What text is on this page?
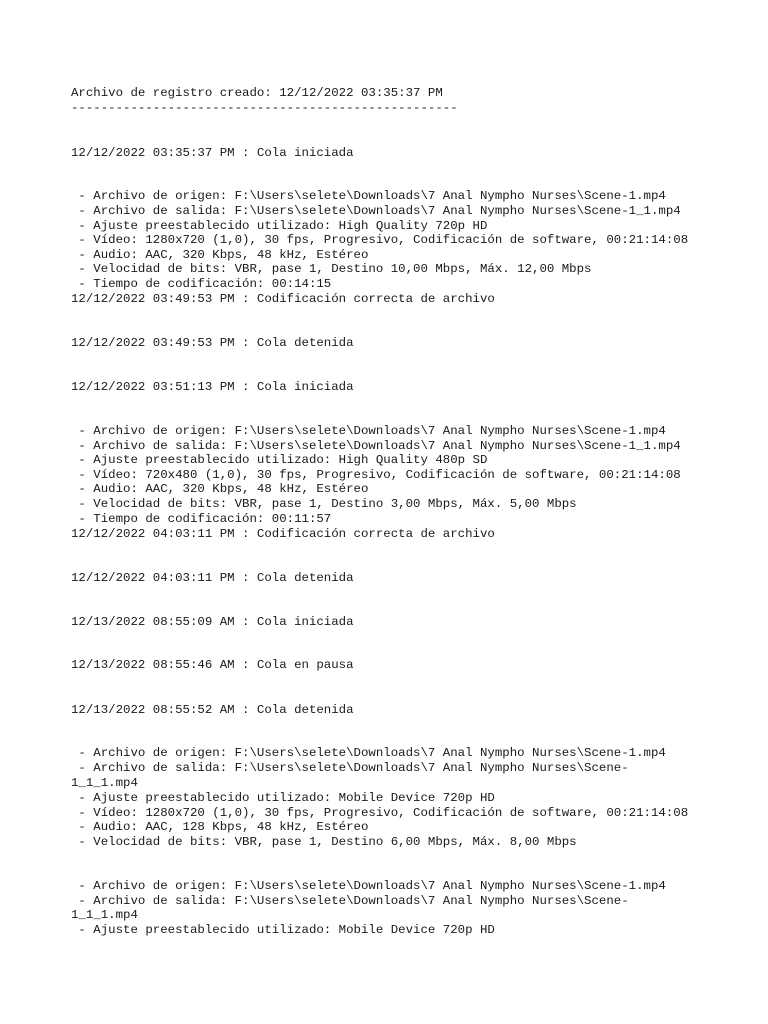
Archivo de registro creado: 12/12/2022 03:35:37 PM
----------------------------------------------------
12/12/2022 03:35:37 PM : Cola iniciada
- Archivo de origen: F:\Users\selete\Downloads\7 Anal Nympho Nurses\Scene-1.mp4
- Archivo de salida: F:\Users\selete\Downloads\7 Anal Nympho Nurses\Scene-1_1.mp4
- Ajuste preestablecido utilizado: High Quality 720p HD
- Vídeo: 1280x720 (1,0), 30 fps, Progresivo, Codificación de software, 00:21:14:08
- Audio: AAC, 320 Kbps, 48 kHz, Estéreo
- Velocidad de bits: VBR, pase 1, Destino 10,00 Mbps, Máx. 12,00 Mbps
- Tiempo de codificación: 00:14:15
12/12/2022 03:49:53 PM : Codificación correcta de archivo
12/12/2022 03:49:53 PM : Cola detenida
12/12/2022 03:51:13 PM : Cola iniciada
- Archivo de origen: F:\Users\selete\Downloads\7 Anal Nympho Nurses\Scene-1.mp4
- Archivo de salida: F:\Users\selete\Downloads\7 Anal Nympho Nurses\Scene-1_1.mp4
- Ajuste preestablecido utilizado: High Quality 480p SD
- Vídeo: 720x480 (1,0), 30 fps, Progresivo, Codificación de software, 00:21:14:08
- Audio: AAC, 320 Kbps, 48 kHz, Estéreo
- Velocidad de bits: VBR, pase 1, Destino 3,00 Mbps, Máx. 5,00 Mbps
- Tiempo de codificación: 00:11:57
12/12/2022 04:03:11 PM : Codificación correcta de archivo
12/12/2022 04:03:11 PM : Cola detenida
12/13/2022 08:55:09 AM : Cola iniciada
12/13/2022 08:55:46 AM : Cola en pausa
12/13/2022 08:55:52 AM : Cola detenida
- Archivo de origen: F:\Users\selete\Downloads\7 Anal Nympho Nurses\Scene-1.mp4
- Archivo de salida: F:\Users\selete\Downloads\7 Anal Nympho Nurses\Scene-
1_1_1.mp4
- Ajuste preestablecido utilizado: Mobile Device 720p HD
- Vídeo: 1280x720 (1,0), 30 fps, Progresivo, Codificación de software, 00:21:14:08
- Audio: AAC, 128 Kbps, 48 kHz, Estéreo
- Velocidad de bits: VBR, pase 1, Destino 6,00 Mbps, Máx. 8,00 Mbps
- Archivo de origen: F:\Users\selete\Downloads\7 Anal Nympho Nurses\Scene-1.mp4
- Archivo de salida: F:\Users\selete\Downloads\7 Anal Nympho Nurses\Scene-
1_1_1.mp4
- Ajuste preestablecido utilizado: Mobile Device 720p HD
